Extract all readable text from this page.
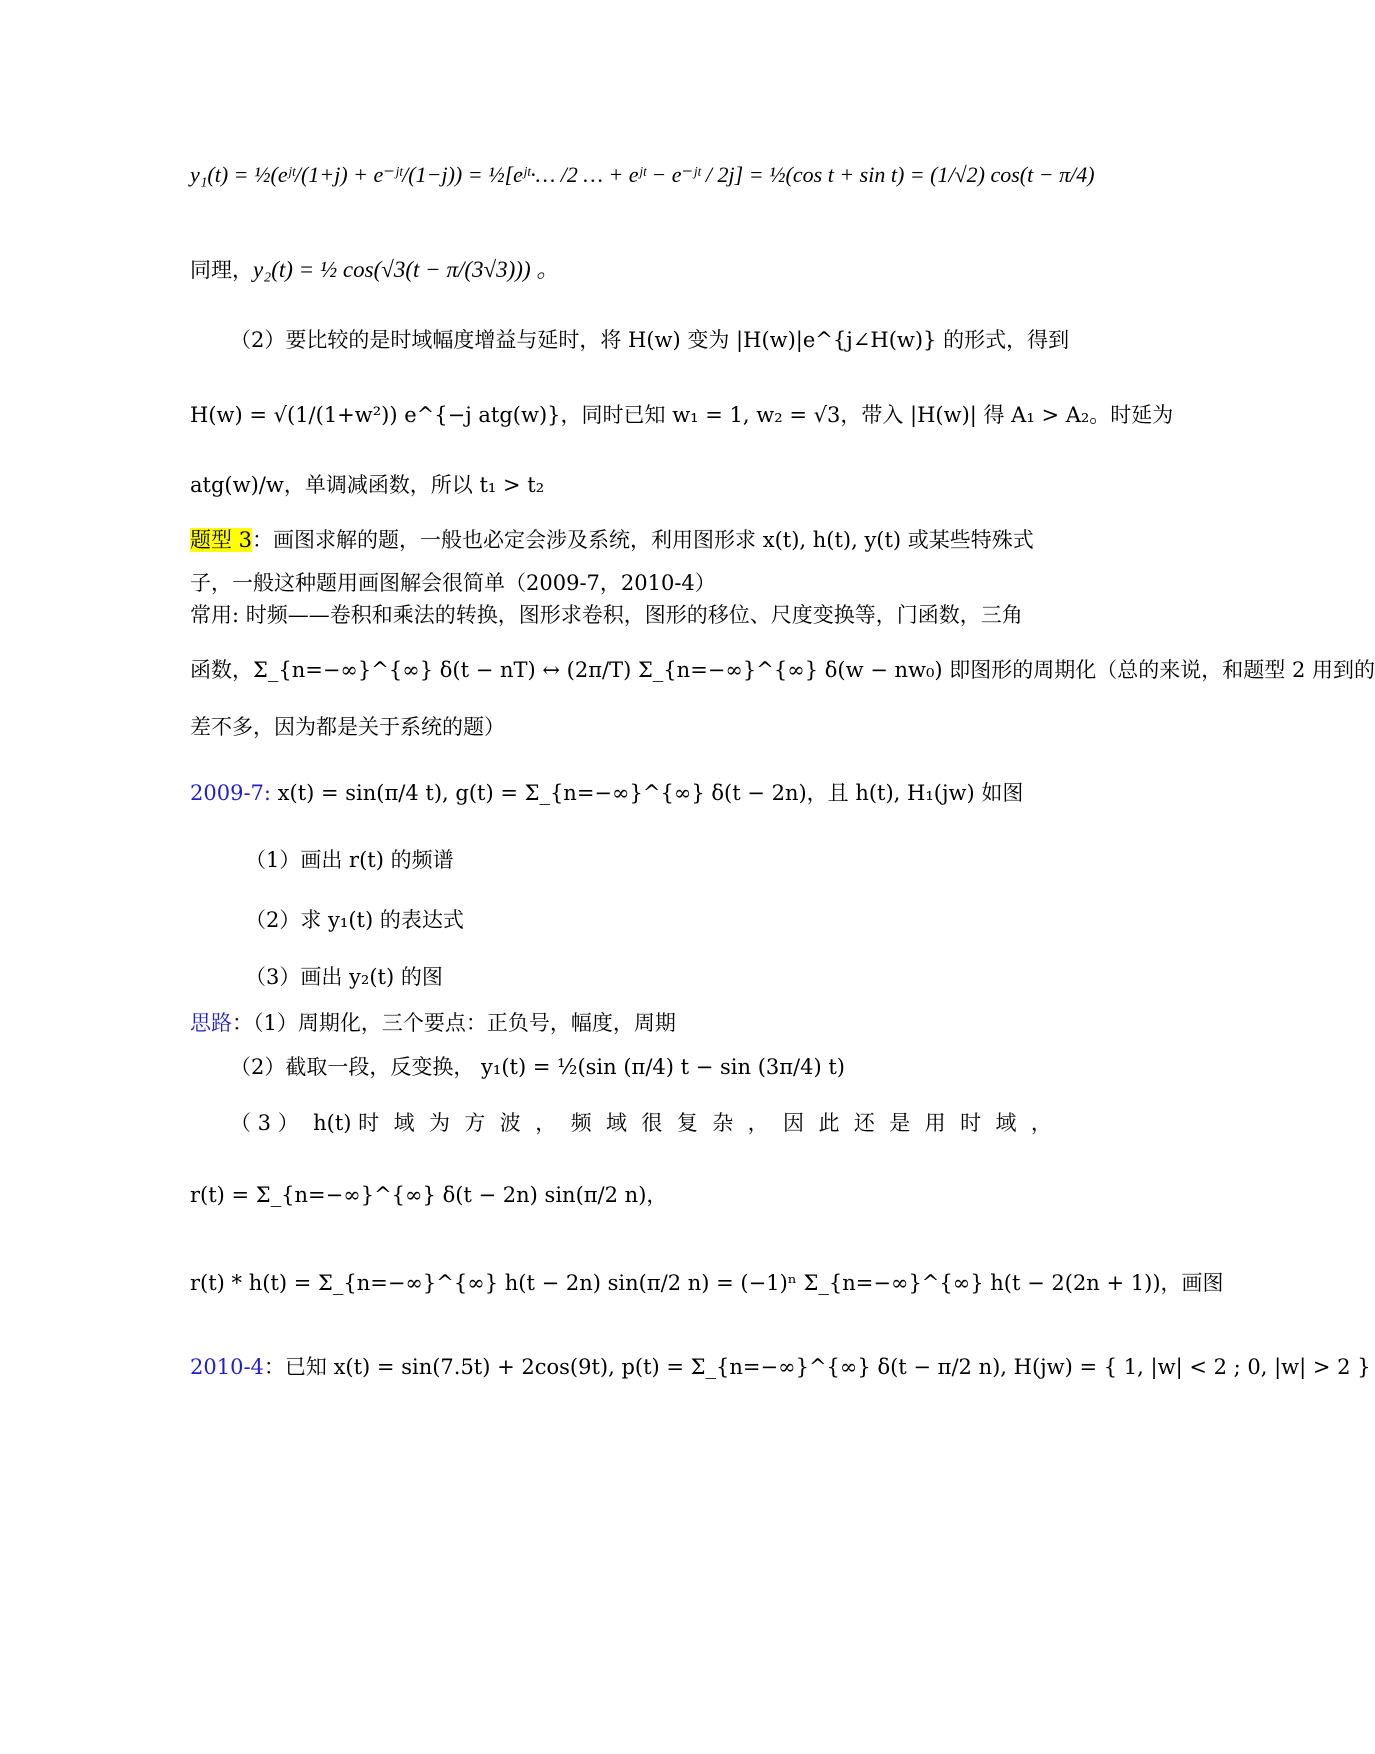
y₁(t) = ½(eʲᵗ/(1+j) + e⁻ʲᵗ/(1−j)) = ½[eʲᵗ·… /2 … + eʲᵗ − e⁻ʲᵗ / 2j] = ½(cos t + sin t) = (1/√2) cos(t − π/4)
同理，y₂(t) = ½ cos(√3(t − π/(3√3))) 。
（2）要比较的是时域幅度增益与延时，将 H(w) 变为 |H(w)|e^{j∠H(w)} 的形式，得到
H(w) = √(1/(1+w²)) e^{−j atg(w)}，同时已知 w₁ = 1, w₂ = √3，带入 |H(w)| 得 A₁ > A₂。时延为
atg(w)/w，单调减函数，所以 t₁ > t₂
题型 3：画图求解的题，一般也必定会涉及系统，利用图形求 x(t), h(t), y(t) 或某些特殊式
子，一般这种题用画图解会很简单（2009-7，2010-4）
常用: 时频——卷积和乘法的转换，图形求卷积，图形的移位、尺度变换等，门函数，三角
函数，Σ_{n=−∞}^{∞} δ(t − nT) ↔ (2π/T) Σ_{n=−∞}^{∞} δ(w − nw₀) 即图形的周期化（总的来说，和题型 2 用到的
差不多，因为都是关于系统的题）
2009-7: x(t) = sin(π/4 t), g(t) = Σ_{n=−∞}^{∞} δ(t − 2n)，且 h(t), H₁(jw) 如图
（1）画出 r(t) 的频谱
（2）求 y₁(t) 的表达式
（3）画出 y₂(t) 的图
思路：（1）周期化，三个要点：正负号，幅度，周期
（2）截取一段，反变换， y₁(t) = ½(sin (π/4) t − sin (3π/4) t)
（ 3 ） h(t) 时 域 为 方 波 ， 频 域 很 复 杂 ， 因 此 还 是 用 时 域 ，
r(t) = Σ_{n=−∞}^{∞} δ(t − 2n) sin(π/2 n)，
r(t) * h(t) = Σ_{n=−∞}^{∞} h(t − 2n) sin(π/2 n) = (−1)ⁿ Σ_{n=−∞}^{∞} h(t − 2(2n + 1))，画图
2010-4：已知 x(t) = sin(7.5t) + 2cos(9t), p(t) = Σ_{n=−∞}^{∞} δ(t − π/2 n), H(jw) = { 1, |w| < 2 ; 0, |w| > 2 }
